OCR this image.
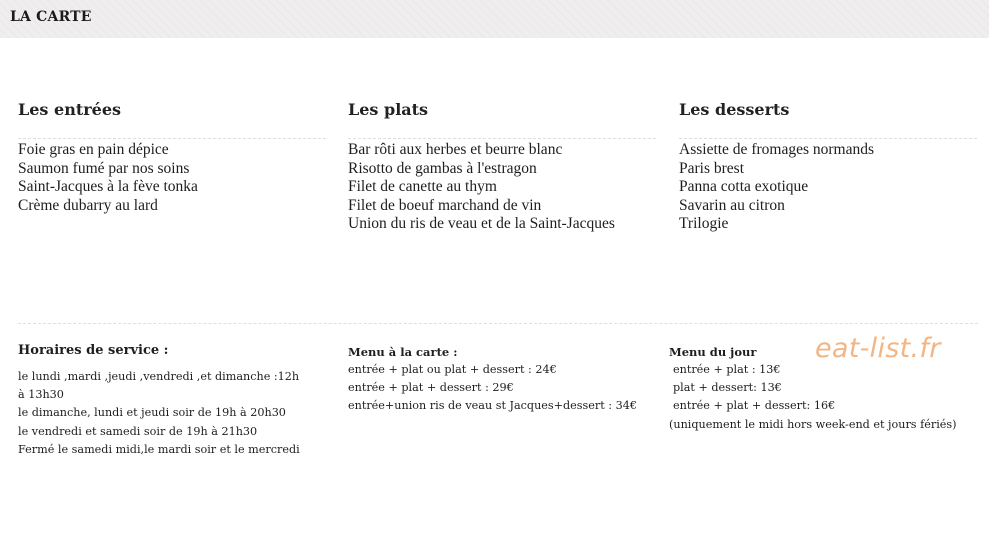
LA CARTE
Les entrées
Foie gras en pain dépice
Saumon fumé par nos soins
Saint-Jacques à la fève tonka
Crème dubarry au lard
Les plats
Bar rôti aux herbes et beurre blanc
Risotto de gambas à l'estragon
Filet de canette au thym
Filet de boeuf marchand de vin
Union du ris de veau et de la Saint-Jacques
Les desserts
Assiette de fromages normands
Paris brest
Panna cotta exotique
Savarin au citron
Trilogie
Horaires de service :
le lundi ,mardi ,jeudi ,vendredi ,et dimanche :12h à 13h30
le dimanche, lundi et jeudi soir de 19h à 20h30
le vendredi et samedi soir de 19h à 21h30
Fermé le samedi midi,le mardi soir et le mercredi
Menu à la carte :
entrée + plat ou plat + dessert : 24€
entrée + plat + dessert : 29€
entrée+union ris de veau st Jacques+dessert : 34€
Menu du jour
entrée + plat : 13€
plat + dessert: 13€
entrée + plat + dessert: 16€
(uniquement le midi hors week-end et jours fériés)
eat-list.fr
